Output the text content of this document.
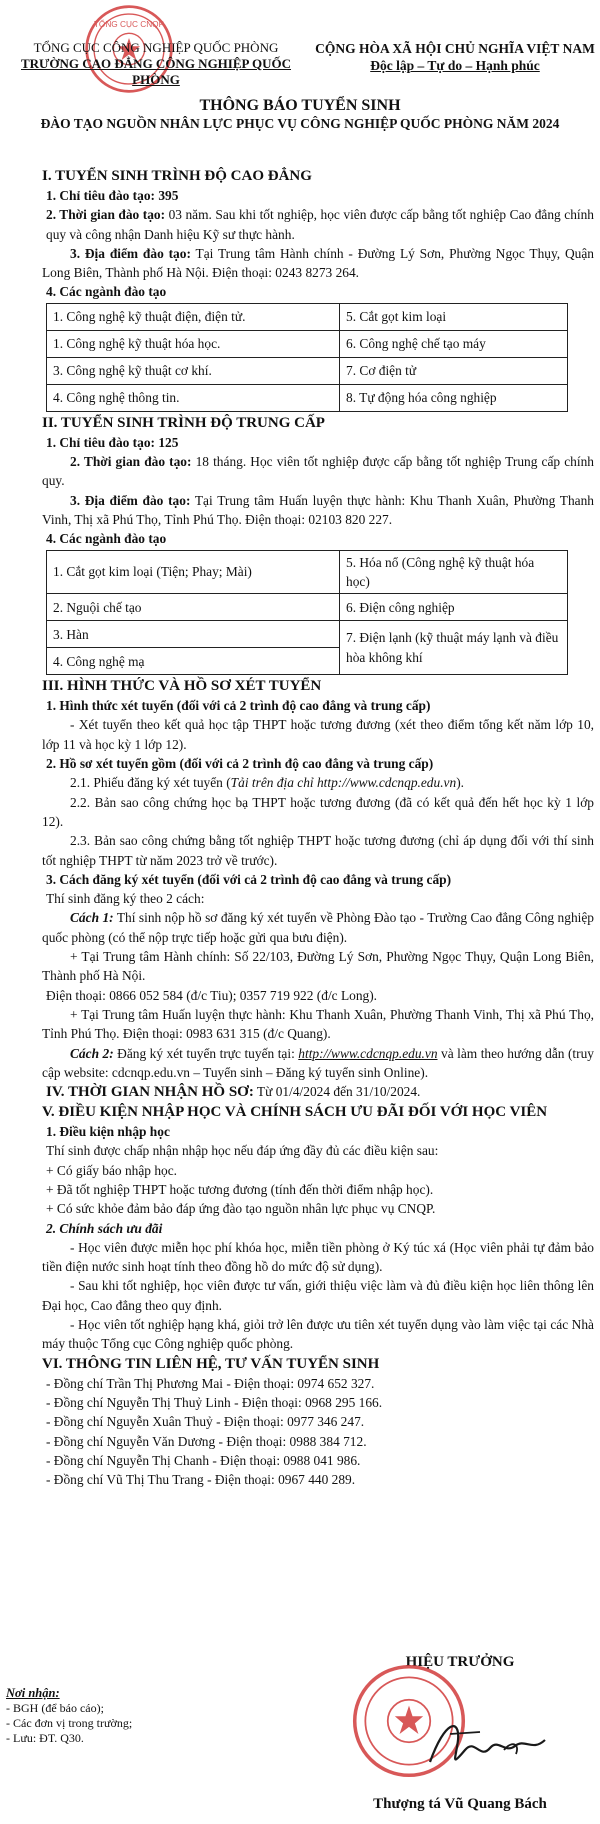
TỔNG CỤC CNQP
TỔNG CỤC CÔNG NGHIỆP QUỐC PHÒNG
TRƯỜNG CAO ĐẲNG CÔNG NGHIỆP QUỐC PHÒNG
CỘNG HÒA XÃ HỘI CHỦ NGHĨA VIỆT NAM
Độc lập – Tự do – Hạnh phúc
THÔNG BÁO TUYỂN SINH
ĐÀO TẠO NGUỒN NHÂN LỰC PHỤC VỤ CÔNG NGHIỆP QUỐC PHÒNG NĂM 2024

I. TUYỂN SINH TRÌNH ĐỘ CAO ĐẲNG

1. Chỉ tiêu đào tạo: 395

2. Thời gian đào tạo: 03 năm. Sau khi tốt nghiệp, học viên được cấp bằng tốt nghiệp Cao đẳng chính quy và công nhận Danh hiệu Kỹ sư thực hành.

3. Địa điểm đào tạo: Tại Trung tâm Hành chính - Đường Lý Sơn, Phường Ngọc Thụy, Quận Long Biên, Thành phố Hà Nội. Điện thoại: 0243 8273 264.

4. Các ngành đào tạo

1. Công nghệ kỹ thuật điện, điện tử.	5. Cắt gọt kim loại
1. Công nghệ kỹ thuật hóa học.	6. Công nghệ chế tạo máy
3. Công nghệ kỹ thuật cơ khí.	7. Cơ điện tử
4. Công nghệ thông tin.	8. Tự động hóa công nghiệp

II. TUYỂN SINH TRÌNH ĐỘ TRUNG CẤP

1. Chỉ tiêu đào tạo: 125

2. Thời gian đào tạo: 18 tháng. Học viên tốt nghiệp được cấp bằng tốt nghiệp Trung cấp chính quy.

3. Địa điểm đào tạo: Tại Trung tâm Huấn luyện thực hành: Khu Thanh Xuân, Phường Thanh Vinh, Thị xã Phú Thọ, Tỉnh Phú Thọ. Điện thoại: 02103 820 227.

4. Các ngành đào tạo

1. Cắt gọt kim loại (Tiện; Phay; Mài)	5. Hóa nổ (Công nghệ kỹ thuật hóa học)
2. Nguội chế tạo	6. Điện công nghiệp
3. Hàn	7. Điện lạnh (kỹ thuật máy lạnh và điều hòa không khí
4. Công nghệ mạ	

III. HÌNH THỨC VÀ HỒ SƠ XÉT TUYỂN

1. Hình thức xét tuyển (đối với cả 2 trình độ cao đẳng và trung cấp)

- Xét tuyển theo kết quả học tập THPT hoặc tương đương (xét theo điểm tổng kết năm lớp 10, lớp 11 và học kỳ 1 lớp 12).

2. Hồ sơ xét tuyển gồm (đối với cả 2 trình độ cao đẳng và trung cấp)

2.1. Phiếu đăng ký xét tuyển (Tải trên địa chỉ http://www.cdcnqp.edu.vn).

2.2. Bản sao công chứng học bạ THPT hoặc tương đương (đã có kết quả đến hết học kỳ 1 lớp 12).

2.3. Bản sao công chứng bằng tốt nghiệp THPT hoặc tương đương (chỉ áp dụng đối với thí sinh tốt nghiệp THPT từ năm 2023 trở về trước).

3. Cách đăng ký xét tuyển (đối với cả 2 trình độ cao đẳng và trung cấp)

Thí sinh đăng ký theo 2 cách:

Cách 1: Thí sinh nộp hồ sơ đăng ký xét tuyển về Phòng Đào tạo - Trường Cao đẳng Công nghiệp quốc phòng (có thể nộp trực tiếp hoặc gửi qua bưu điện).

+ Tại Trung tâm Hành chính: Số 22/103, Đường Lý Sơn, Phường Ngọc Thụy, Quận Long Biên, Thành phố Hà Nội.

Điện thoại: 0866 052 584 (đ/c Tiu); 0357 719 922 (đ/c Long).

+ Tại Trung tâm Huấn luyện thực hành: Khu Thanh Xuân, Phường Thanh Vinh, Thị xã Phú Thọ, Tỉnh Phú Thọ. Điện thoại: 0983 631 315 (đ/c Quang).

Cách 2: Đăng ký xét tuyển trực tuyến tại: http://www.cdcnqp.edu.vn và làm theo hướng dẫn (truy cập website: cdcnqp.edu.vn – Tuyển sinh – Đăng ký tuyển sinh Online).

IV. THỜI GIAN NHẬN HỒ SƠ: Từ 01/4/2024 đến 31/10/2024.

V. ĐIỀU KIỆN NHẬP HỌC VÀ CHÍNH SÁCH ƯU ĐÃI ĐỐI VỚI HỌC VIÊN

1. Điều kiện nhập học

Thí sinh được chấp nhận nhập học nếu đáp ứng đầy đủ các điều kiện sau:

+ Có giấy báo nhập học.

+ Đã tốt nghiệp THPT hoặc tương đương (tính đến thời điểm nhập học).

+ Có sức khỏe đảm bảo đáp ứng đào tạo nguồn nhân lực phục vụ CNQP.

2. Chính sách ưu đãi

- Học viên được miễn học phí khóa học, miễn tiền phòng ở Ký túc xá (Học viên phải tự đảm bảo tiền điện nước sinh hoạt tính theo đồng hồ do mức độ sử dụng).

- Sau khi tốt nghiệp, học viên được tư vấn, giới thiệu việc làm và đủ điều kiện học liên thông lên Đại học, Cao đẳng theo quy định.

- Học viên tốt nghiệp hạng khá, giỏi trở lên được ưu tiên xét tuyển dụng vào làm việc tại các Nhà máy thuộc Tổng cục Công nghiệp quốc phòng.

VI. THÔNG TIN LIÊN HỆ, TƯ VẤN TUYỂN SINH

- Đồng chí Trần Thị Phương Mai - Điện thoại: 0974 652 327.

- Đồng chí Nguyễn Thị Thuỷ Linh - Điện thoại: 0968 295 166.

- Đồng chí Nguyễn Xuân Thuỷ - Điện thoại: 0977 346 247.

- Đồng chí Nguyễn Văn Dương - Điện thoại: 0988 384 712.

- Đồng chí Nguyễn Thị Chanh - Điện thoại: 0988 041 986.

- Đồng chí Vũ Thị Thu Trang - Điện thoại: 0967 440 289.

Nơi nhận:
- BGH (để báo cáo);
- Các đơn vị trong trường;
- Lưu: ĐT. Q30.
HIỆU TRƯỞNG
Thượng tá Vũ Quang Bách
